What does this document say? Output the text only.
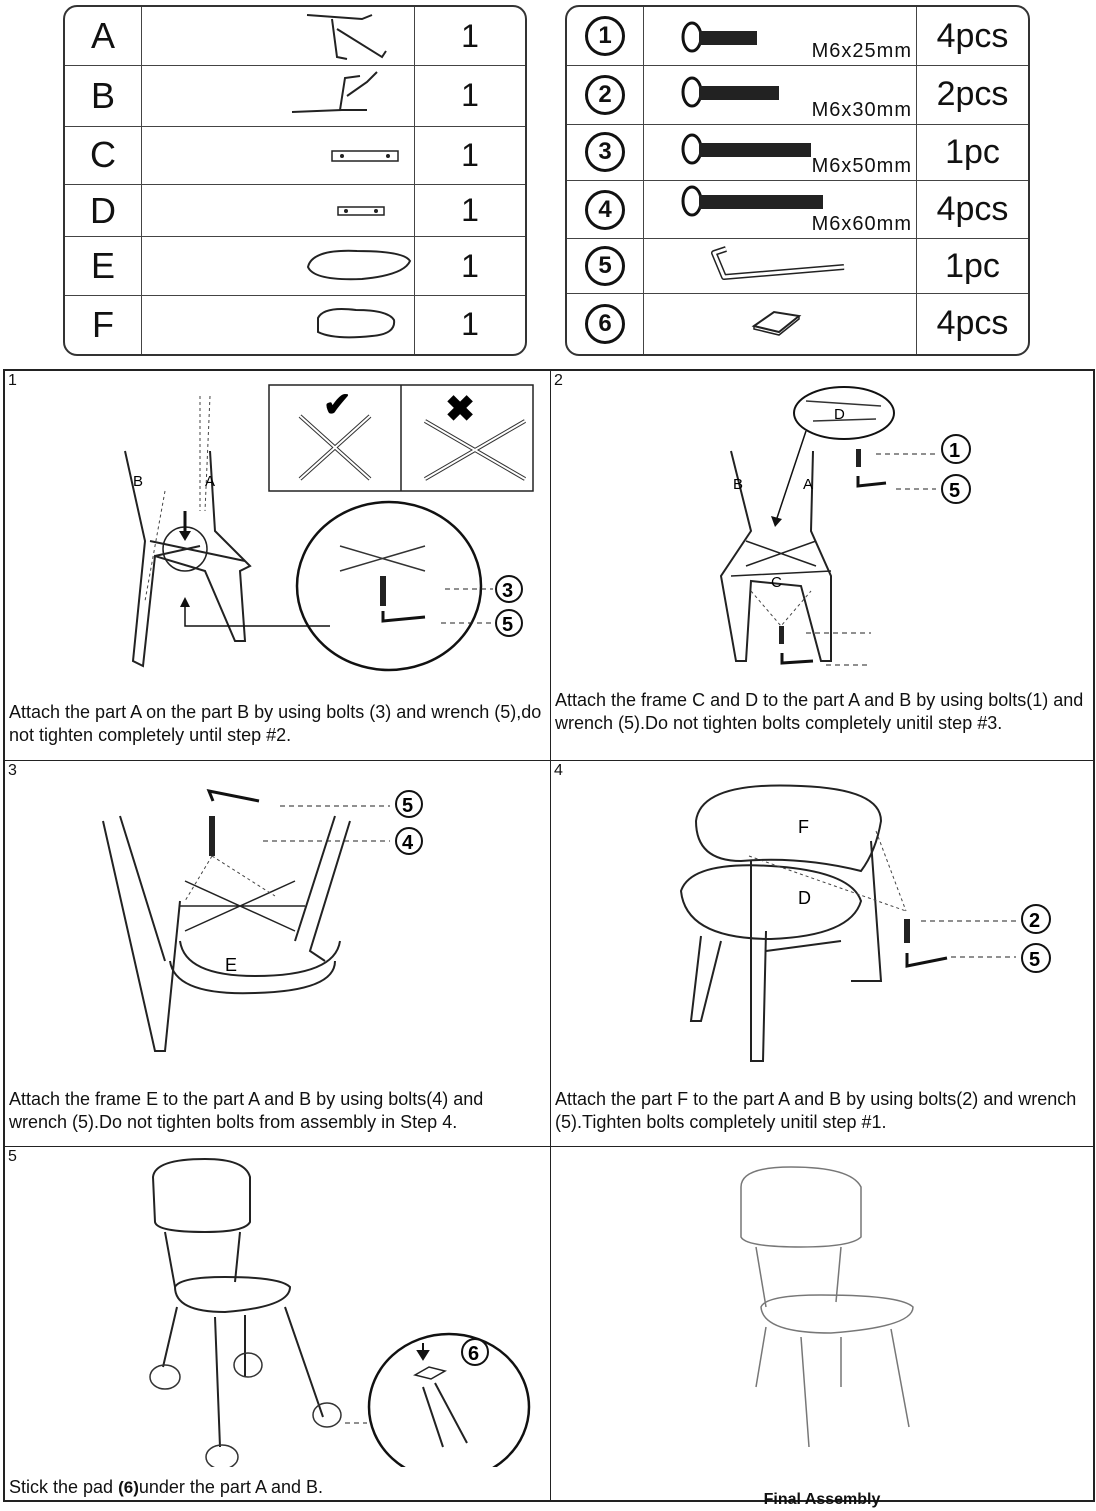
A		1
B		1
C		1
D		1
E		1
F		1
1	M6x25mm	4pcs
2	M6x30mm	2pcs
3	M6x50mm	1pc
4	M6x60mm	4pcs
5		1pc
6		4pcs
1
✔	✖
B	A
3
5
Attach the part A on the part B by using bolts (3) and wrench (5),do not tighten completely until step #2.
2
D
B	A
C
1
5
Attach the frame C and D to the part A and B by using bolts(1) and wrench (5).Do not tighten bolts completely unitil step #3.
3
E
5
4
Attach the frame E to the part A and B by using bolts(4) and wrench (5).Do not tighten bolts from assembly in Step 4.
4
F
D
2
5
Attach the part F to the part A and B by using bolts(2) and wrench (5).Tighten bolts completely unitil step #1.
5
6
Stick the pad (6)under the part A and B.
Final Assembly
